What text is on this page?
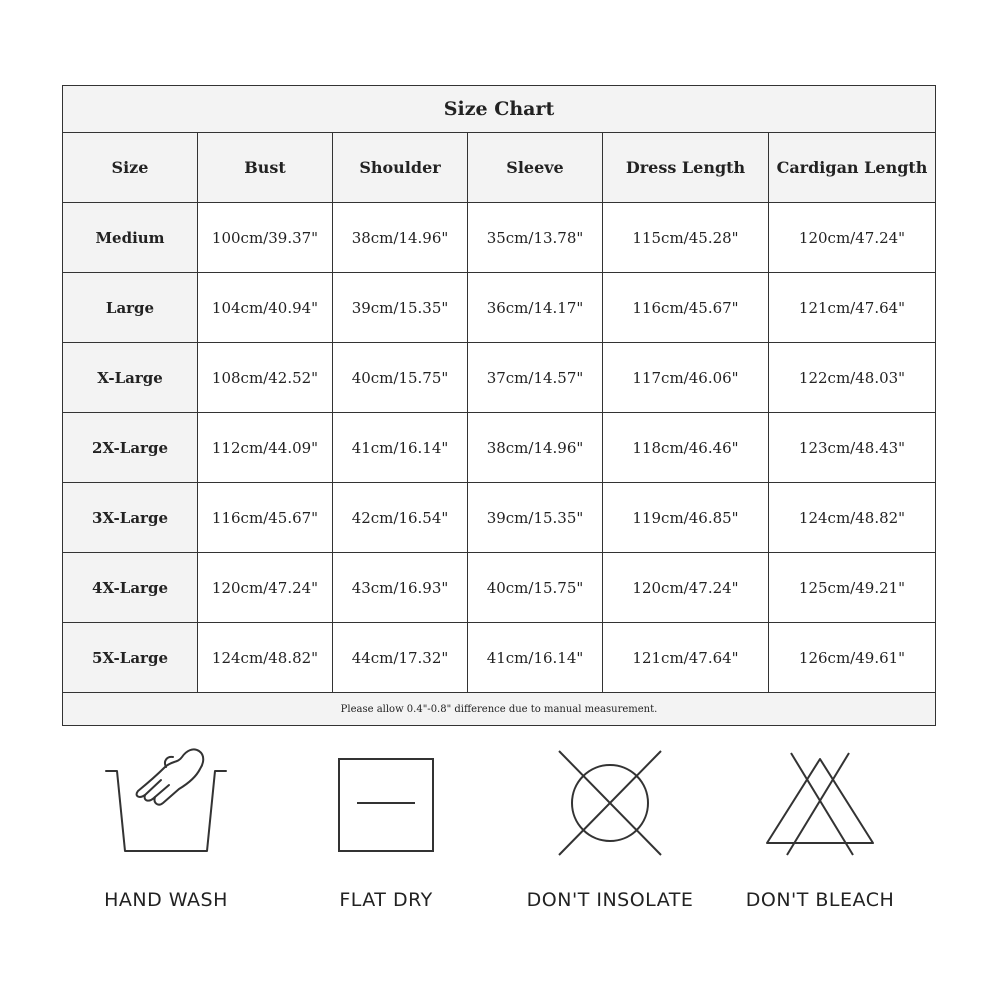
Size Chart					
Size	Bust	Shoulder	Sleeve	Dress Length	Cardigan Length
Medium	100cm/39.37"	38cm/14.96"	35cm/13.78"	115cm/45.28"	120cm/47.24"
Large	104cm/40.94"	39cm/15.35"	36cm/14.17"	116cm/45.67"	121cm/47.64"
X-Large	108cm/42.52"	40cm/15.75"	37cm/14.57"	117cm/46.06"	122cm/48.03"
2X-Large	112cm/44.09"	41cm/16.14"	38cm/14.96"	118cm/46.46"	123cm/48.43"
3X-Large	116cm/45.67"	42cm/16.54"	39cm/15.35"	119cm/46.85"	124cm/48.82"
4X-Large	120cm/47.24"	43cm/16.93"	40cm/15.75"	120cm/47.24"	125cm/49.21"
5X-Large	124cm/48.82"	44cm/17.32"	41cm/16.14"	121cm/47.64"	126cm/49.61"
Please allow 0.4"-0.8" difference due to manual measurement.					
HAND WASH	FLAT DRY	DON'T INSOLATE	DON'T BLEACH
